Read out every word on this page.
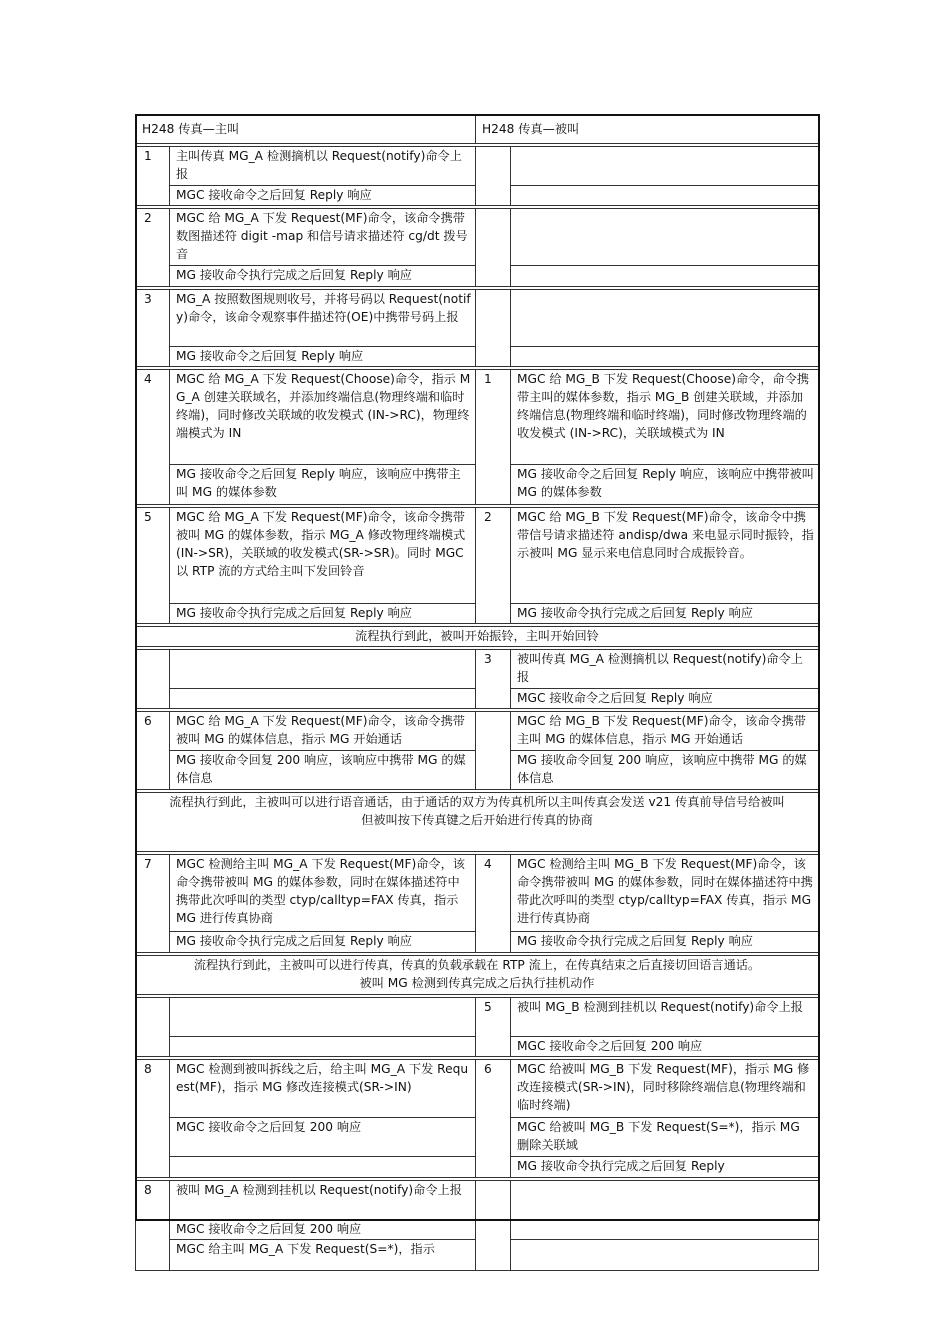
H248 传真—主叫		H248 传真—被叫	

1	主叫传真 MG_A 检测摘机以 Request(notify)命令上报		
	MGC 接收命令之后回复 Reply 响应		

2	MGC 给 MG_A 下发 Request(MF)命令，该命令携带数图描述符 digit -map 和信号请求描述符 cg/dt 拨号音		
	MG 接收命令执行完成之后回复 Reply 响应		

3	MG_A 按照数图规则收号，并将号码以 Request(notify)命令，该命令观察事件描述符(OE)中携带号码上报		
	MG 接收命令之后回复 Reply 响应		

4	MGC 给 MG_A 下发 Request(Choose)命令，指示 MG_A 创建关联域名，并添加终端信息(物理终端和临时终端)，同时修改关联域的收发模式 (IN->RC)，物理终端模式为 IN	1	MGC 给 MG_B 下发 Request(Choose)命令，命令携带主叫的媒体参数，指示 MG_B 创建关联域，并添加终端信息(物理终端和临时终端)，同时修改物理终端的收发模式 (IN->RC)，关联域模式为 IN
	MG 接收命令之后回复 Reply 响应，该响应中携带主叫 MG 的媒体参数		MG 接收命令之后回复 Reply 响应，该响应中携带被叫 MG 的媒体参数

5	MGC 给 MG_A 下发 Request(MF)命令，该命令携带被叫 MG 的媒体参数，指示 MG_A 修改物理终端模式(IN->SR)，关联域的收发模式(SR->SR)。同时 MGC 以 RTP 流的方式给主叫下发回铃音	2	MGC 给 MG_B 下发 Request(MF)命令，该命令中携带信号请求描述符 andisp/dwa 来电显示同时振铃，指示被叫 MG 显示来电信息同时合成振铃音。
	MG 接收命令执行完成之后回复 Reply 响应		MG 接收命令执行完成之后回复 Reply 响应

流程执行到此，被叫开始振铃，主叫开始回铃			

		3	被叫传真 MG_A 检测摘机以 Request(notify)命令上报
			MGC 接收命令之后回复 Reply 响应

6	MGC 给 MG_A 下发 Request(MF)命令，该命令携带被叫 MG 的媒体信息，指示 MG 开始通话		MGC 给 MG_B 下发 Request(MF)命令，该命令携带主叫 MG 的媒体信息，指示 MG 开始通话
	MG 接收命令回复 200 响应，该响应中携带 MG 的媒体信息		MG 接收命令回复 200 响应，该响应中携带 MG 的媒体信息

流程执行到此，主被叫可以进行语音通话，由于通话的双方为传真机所以主叫传真会发送 v21 传真前导信号给被叫
但被叫按下传真键之后开始进行传真的协商			

7	MGC 检测给主叫 MG_A 下发 Request(MF)命令，该命令携带被叫 MG 的媒体参数，同时在媒体描述符中携带此次呼叫的类型 ctyp/calltyp=FAX 传真，指示 MG 进行传真协商	4	MGC 检测给主叫 MG_B 下发 Request(MF)命令，该命令携带被叫 MG 的媒体参数，同时在媒体描述符中携带此次呼叫的类型 ctyp/calltyp=FAX 传真，指示 MG 进行传真协商
	MG 接收命令执行完成之后回复 Reply 响应		MG 接收命令执行完成之后回复 Reply 响应

流程执行到此，主被叫可以进行传真，传真的负载承载在 RTP 流上，在传真结束之后直接切回语言通话。
被叫 MG 检测到传真完成之后执行挂机动作			

		5	被叫 MG_B 检测到挂机以 Request(notify)命令上报
			MGC 接收命令之后回复 200 响应

8	MGC 检测到被叫拆线之后，给主叫 MG_A 下发 Request(MF)，指示 MG 修改连接模式(SR->IN)	6	MGC 给被叫 MG_B 下发 Request(MF)，指示 MG 修改连接模式(SR->IN)，同时移除终端信息(物理终端和临时终端)
	MGC 接收命令之后回复 200 响应		MGC 给被叫 MG_B 下发 Request(S=*)，指示 MG 删除关联域
			MG 接收命令执行完成之后回复 Reply

8	被叫 MG_A 检测到挂机以 Request(notify)命令上报		
	MGC 接收命令之后回复 200 响应		
	MGC 给主叫 MG_A 下发 Request(S=*)，指示		
